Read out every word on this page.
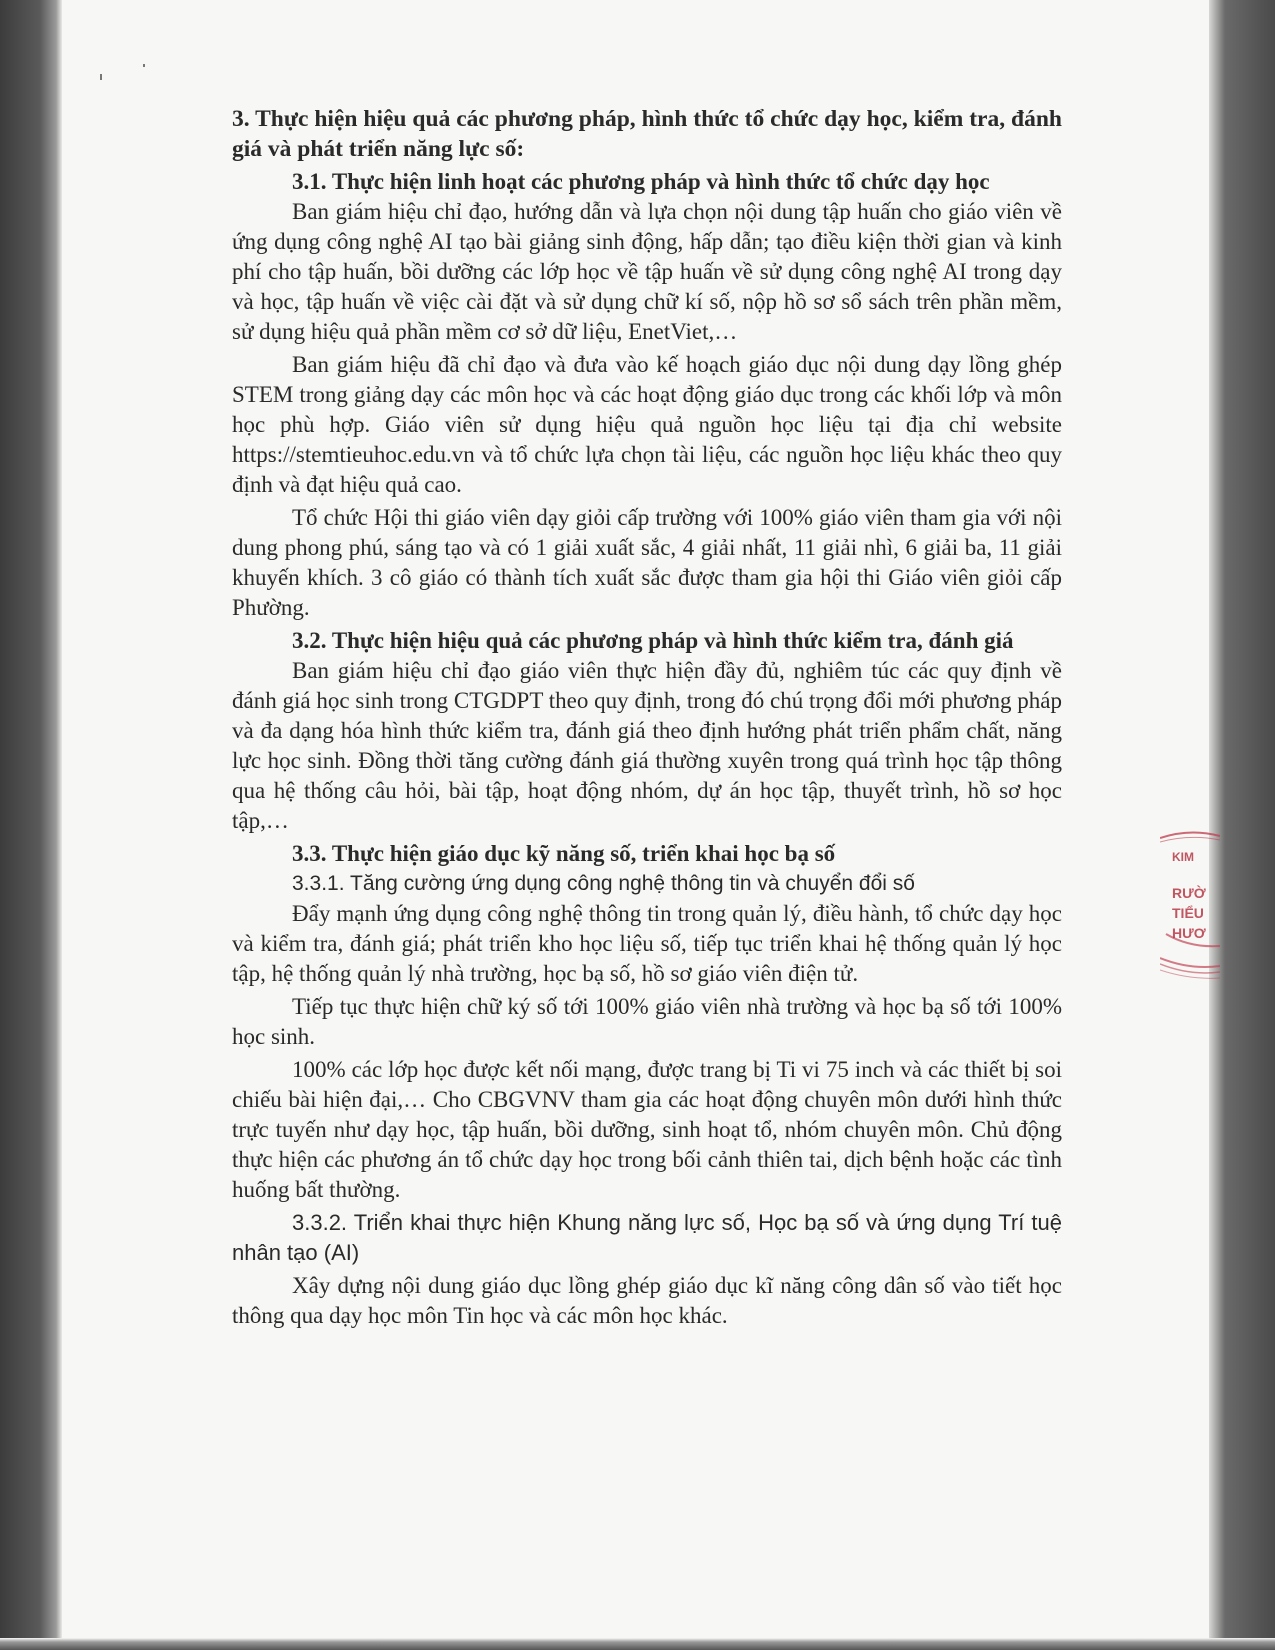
3. Thực hiện hiệu quả các phương pháp, hình thức tổ chức dạy học, kiểm tra, đánh giá và phát triển năng lực số:

3.1. Thực hiện linh hoạt các phương pháp và hình thức tổ chức dạy học

Ban giám hiệu chỉ đạo, hướng dẫn và lựa chọn nội dung tập huấn cho giáo viên về ứng dụng công nghệ AI tạo bài giảng sinh động, hấp dẫn; tạo điều kiện thời gian và kinh phí cho tập huấn, bồi dưỡng các lớp học về tập huấn về sử dụng công nghệ AI trong dạy và học, tập huấn về việc cài đặt và sử dụng chữ kí số, nộp hồ sơ sổ sách trên phần mềm, sử dụng hiệu quả phần mềm cơ sở dữ liệu, EnetViet,…

Ban giám hiệu đã chỉ đạo và đưa vào kế hoạch giáo dục nội dung dạy lồng ghép STEM trong giảng dạy các môn học và các hoạt động giáo dục trong các khối lớp và môn học phù hợp. Giáo viên sử dụng hiệu quả nguồn học liệu tại địa chỉ website https://stemtieuhoc.edu.vn và tổ chức lựa chọn tài liệu, các nguồn học liệu khác theo quy định và đạt hiệu quả cao.

Tổ chức Hội thi giáo viên dạy giỏi cấp trường với 100% giáo viên tham gia với nội dung phong phú, sáng tạo và có 1 giải xuất sắc, 4 giải nhất, 11 giải nhì, 6 giải ba, 11 giải khuyến khích. 3 cô giáo có thành tích xuất sắc được tham gia hội thi Giáo viên giỏi cấp Phường.

3.2. Thực hiện hiệu quả các phương pháp và hình thức kiểm tra, đánh giá

Ban giám hiệu chỉ đạo giáo viên thực hiện đầy đủ, nghiêm túc các quy định về đánh giá học sinh trong CTGDPT theo quy định, trong đó chú trọng đổi mới phương pháp và đa dạng hóa hình thức kiểm tra, đánh giá theo định hướng phát triển phẩm chất, năng lực học sinh. Đồng thời tăng cường đánh giá thường xuyên trong quá trình học tập thông qua hệ thống câu hỏi, bài tập, hoạt động nhóm, dự án học tập, thuyết trình, hồ sơ học tập,…

3.3. Thực hiện giáo dục kỹ năng số, triển khai học bạ số

3.3.1. Tăng cường ứng dụng công nghệ thông tin và chuyển đổi số

Đẩy mạnh ứng dụng công nghệ thông tin trong quản lý, điều hành, tổ chức dạy học và kiểm tra, đánh giá; phát triển kho học liệu số, tiếp tục triển khai hệ thống quản lý học tập, hệ thống quản lý nhà trường, học bạ số, hồ sơ giáo viên điện tử.

Tiếp tục thực hiện chữ ký số tới 100% giáo viên nhà trường và học bạ số tới 100% học sinh.

100% các lớp học được kết nối mạng, được trang bị Ti vi 75 inch và các thiết bị soi chiếu bài hiện đại,… Cho CBGVNV tham gia các hoạt động chuyên môn dưới hình thức trực tuyến như dạy học, tập huấn, bồi dưỡng, sinh hoạt tổ, nhóm chuyên môn. Chủ động thực hiện các phương án tổ chức dạy học trong bối cảnh thiên tai, dịch bệnh hoặc các tình huống bất thường.

3.3.2. Triển khai thực hiện Khung năng lực số, Học bạ số và ứng dụng Trí tuệ nhân tạo (AI)

Xây dựng nội dung giáo dục lồng ghép giáo dục kĩ năng công dân số vào tiết học thông qua dạy học môn Tin học và các môn học khác.

KIM
RƯỜ
TIỂU
HƯƠ
